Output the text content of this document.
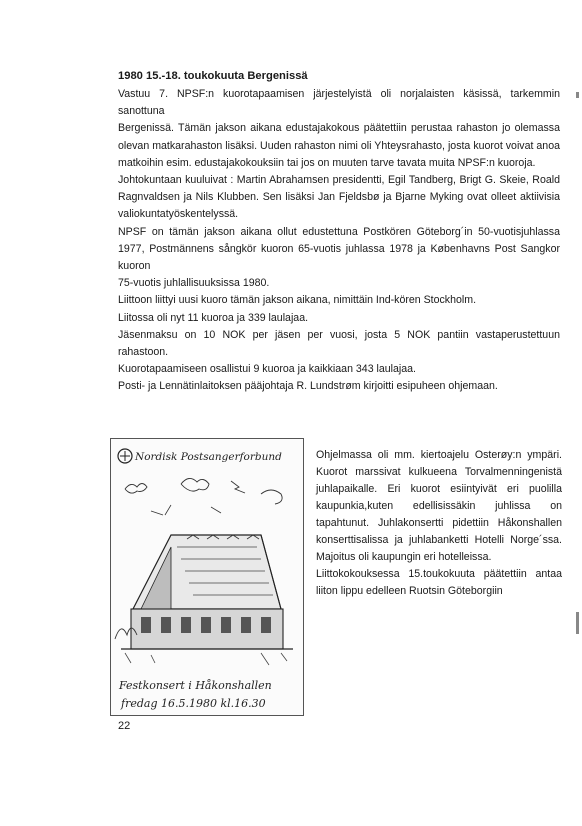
1980 15.-18. toukokuuta Bergenissä

Vastuu 7. NPSF:n kuorotapaamisen järjestelyistä oli norjalaisten käsissä, tarkemmin sanottuna

Bergenissä. Tämän jakson aikana edustajakokous päätettiin perustaa rahaston jo olemassa olevan matkarahaston lisäksi. Uuden rahaston nimi oli Yhteysrahasto, josta kuorot voivat anoa matkoihin esim. edustajakokouksiin tai jos on muuten tarve tavata muita NPSF:n kuoroja.

Johtokuntaan kuuluivat : Martin Abrahamsen presidentti, Egil Tandberg, Brigt G. Skeie, Roald Ragnvaldsen ja Nils Klubben. Sen lisäksi Jan Fjeldsbø ja Bjarne Myking ovat olleet aktiivisia valiokuntatyöskentelyssä.

NPSF on tämän jakson aikana ollut edustettuna Postkören Göteborg´in 50-vuotisjuhlassa 1977, Postmännens sångkör kuoron 65-vuotis juhlassa 1978 ja Københavns Post Sangkor kuoron

75-vuotis juhlallisuuksissa 1980.

Liittoon liittyi uusi kuoro tämän jakson aikana, nimittäin Ind-kören Stockholm.

Liitossa oli nyt 11 kuoroa ja 339 laulajaa.

Jäsenmaksu on 10 NOK per jäsen per vuosi, josta 5 NOK pantiin vastaperustettuun rahastoon.

Kuorotapaamiseen osallistui 9 kuoroa ja kaikkiaan 343 laulajaa.

Posti- ja Lennätinlaitoksen pääjohtaja R. Lundstrøm kirjoitti esipuheen ohjemaan.

Nordisk Postsangerforbund
Festkonsert i Håkonshallen
fredag 16.5.1980 kl.16.30

Ohjelmassa oli mm. kiertoajelu Osterøy:n ympäri. Kuorot marssivat kulkueena Torvalmenningenistä juhlapaikalle. Eri kuorot esiintyivät eri puolilla kaupunkia,kuten edellisissäkin juhlissa on tapahtunut. Juhlakonsertti pidettiin Håkonshallen konserttisalissa ja juhlabanketti Hotelli Norge´ssa. Majoitus oli kaupungin eri hotelleissa.

Liittokokouksessa 15.toukokuuta päätettiin antaa liiton lippu edelleen Ruotsin Göteborgiin

22
